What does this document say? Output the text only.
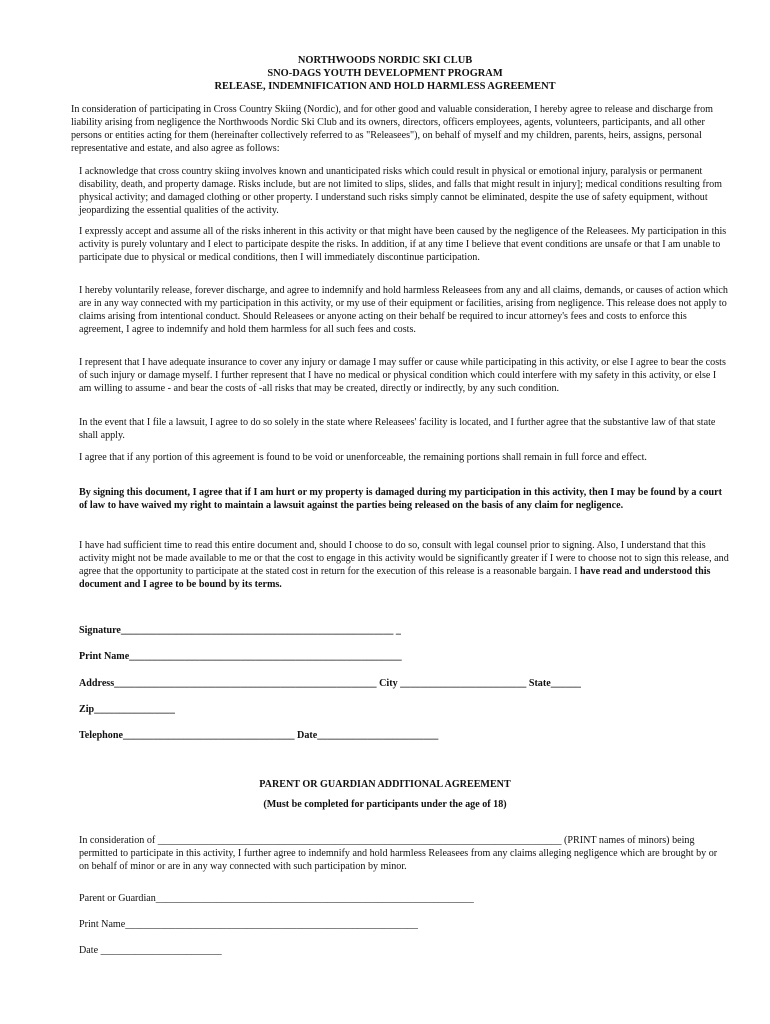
NORTHWOODS NORDIC SKI CLUB
SNO-DAGS YOUTH DEVELOPMENT PROGRAM
RELEASE, INDEMNIFICATION AND HOLD HARMLESS AGREEMENT
In consideration of participating in Cross Country Skiing (Nordic), and for other good and valuable consideration, I hereby agree to release and discharge from liability arising from negligence the Northwoods Nordic Ski Club and its owners, directors, officers employees, agents, volunteers, participants, and all other persons or entities acting for them (hereinafter collectively referred to as "Releasees"), on behalf of myself and my children, parents, heirs, assigns, personal representative and estate, and also agree as follows:
I acknowledge that cross country skiing involves known and unanticipated risks which could result in physical or emotional injury, paralysis or permanent disability, death, and property damage. Risks include, but are not limited to slips, slides, and falls that might result in injury]; medical conditions resulting from physical activity; and damaged clothing or other property. I understand such risks simply cannot be eliminated, despite the use of safety equipment, without jeopardizing the essential qualities of the activity.
I expressly accept and assume all of the risks inherent in this activity or that might have been caused by the negligence of the Releasees. My participation in this activity is purely voluntary and I elect to participate despite the risks. In addition, if at any time I believe that event conditions are unsafe or that I am unable to participate due to physical or medical conditions, then I will immediately discontinue participation.
I hereby voluntarily release, forever discharge, and agree to indemnify and hold harmless Releasees from any and all claims, demands, or causes of action which are in any way connected with my participation in this activity, or my use of their equipment or facilities, arising from negligence. This release does not apply to claims arising from intentional conduct. Should Releasees or anyone acting on their behalf be required to incur attorney's fees and costs to enforce this agreement, I agree to indemnify and hold them harmless for all such fees and costs.
I represent that I have adequate insurance to cover any injury or damage I may suffer or cause while participating in this activity, or else I agree to bear the costs of such injury or damage myself. I further represent that I have no medical or physical condition which could interfere with my safety in this activity, or else I am willing to assume - and bear the costs of -all risks that may be created, directly or indirectly, by any such condition.
In the event that I file a lawsuit, I agree to do so solely in the state where Releasees' facility is located, and I further agree that the substantive law of that state shall apply.
I agree that if any portion of this agreement is found to be void or unenforceable, the remaining portions shall remain in full force and effect.
By signing this document, I agree that if I am hurt or my property is damaged during my participation in this activity, then I may be found by a court of law to have waived my right to maintain a lawsuit against the parties being released on the basis of any claim for negligence.
I have had sufficient time to read this entire document and, should I choose to do so, consult with legal counsel prior to signing. Also, I understand that this activity might not be made available to me or that the cost to engage in this activity would be significantly greater if I were to choose not to sign this release, and agree that the opportunity to participate at the stated cost in return for the execution of this release is a reasonable bargain. I have read and understood this document and I agree to be bound by its terms.
Signature______________________________________________________ _
Print Name______________________________________________________
Address____________________________________________________ City _________________________ State______
Zip________________
Telephone__________________________________ Date________________________
PARENT OR GUARDIAN ADDITIONAL AGREEMENT
(Must be completed for participants under the age of 18)
In consideration of ________________________________________________________________________________ (PRINT names of minors) being permitted to participate in this activity, I further agree to indemnify and hold harmless Releasees from any claims alleging negligence which are brought by or on behalf of minor or are in any way connected with such participation by minor.
Parent or Guardian_______________________________________________________________
Print Name__________________________________________________________
Date ________________________
